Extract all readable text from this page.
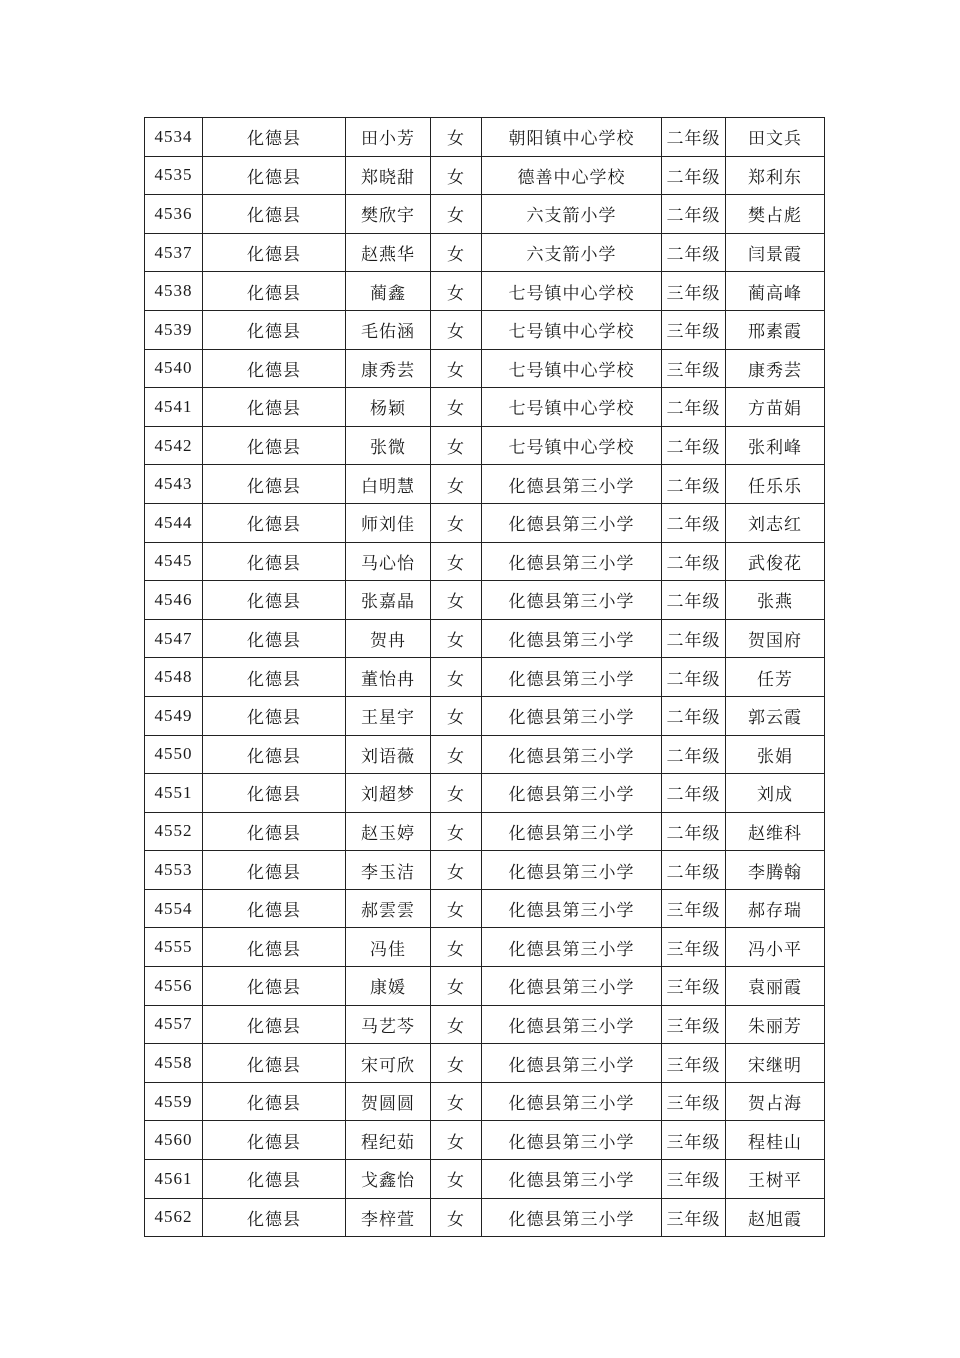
4534	化德县	田小芳	女	朝阳镇中心学校	二年级	田文兵
4535	化德县	郑晓甜	女	德善中心学校	二年级	郑利东
4536	化德县	樊欣宇	女	六支箭小学	二年级	樊占彪
4537	化德县	赵燕华	女	六支箭小学	二年级	闫景霞
4538	化德县	蔺鑫	女	七号镇中心学校	三年级	蔺高峰
4539	化德县	毛佑涵	女	七号镇中心学校	三年级	邢素霞
4540	化德县	康秀芸	女	七号镇中心学校	三年级	康秀芸
4541	化德县	杨颖	女	七号镇中心学校	二年级	方苗娟
4542	化德县	张微	女	七号镇中心学校	二年级	张利峰
4543	化德县	白明慧	女	化德县第三小学	二年级	任乐乐
4544	化德县	师刘佳	女	化德县第三小学	二年级	刘志红
4545	化德县	马心怡	女	化德县第三小学	二年级	武俊花
4546	化德县	张嘉晶	女	化德县第三小学	二年级	张燕
4547	化德县	贺冉	女	化德县第三小学	二年级	贺国府
4548	化德县	董怡冉	女	化德县第三小学	二年级	任芳
4549	化德县	王星宇	女	化德县第三小学	二年级	郭云霞
4550	化德县	刘语薇	女	化德县第三小学	二年级	张娟
4551	化德县	刘超梦	女	化德县第三小学	二年级	刘成
4552	化德县	赵玉婷	女	化德县第三小学	二年级	赵维科
4553	化德县	李玉洁	女	化德县第三小学	二年级	李腾翰
4554	化德县	郝雲雲	女	化德县第三小学	三年级	郝存瑞
4555	化德县	冯佳	女	化德县第三小学	三年级	冯小平
4556	化德县	康媛	女	化德县第三小学	三年级	袁丽霞
4557	化德县	马艺芩	女	化德县第三小学	三年级	朱丽芳
4558	化德县	宋可欣	女	化德县第三小学	三年级	宋继明
4559	化德县	贺圆圆	女	化德县第三小学	三年级	贺占海
4560	化德县	程纪茹	女	化德县第三小学	三年级	程桂山
4561	化德县	戈鑫怡	女	化德县第三小学	三年级	王树平
4562	化德县	李梓萱	女	化德县第三小学	三年级	赵旭霞
